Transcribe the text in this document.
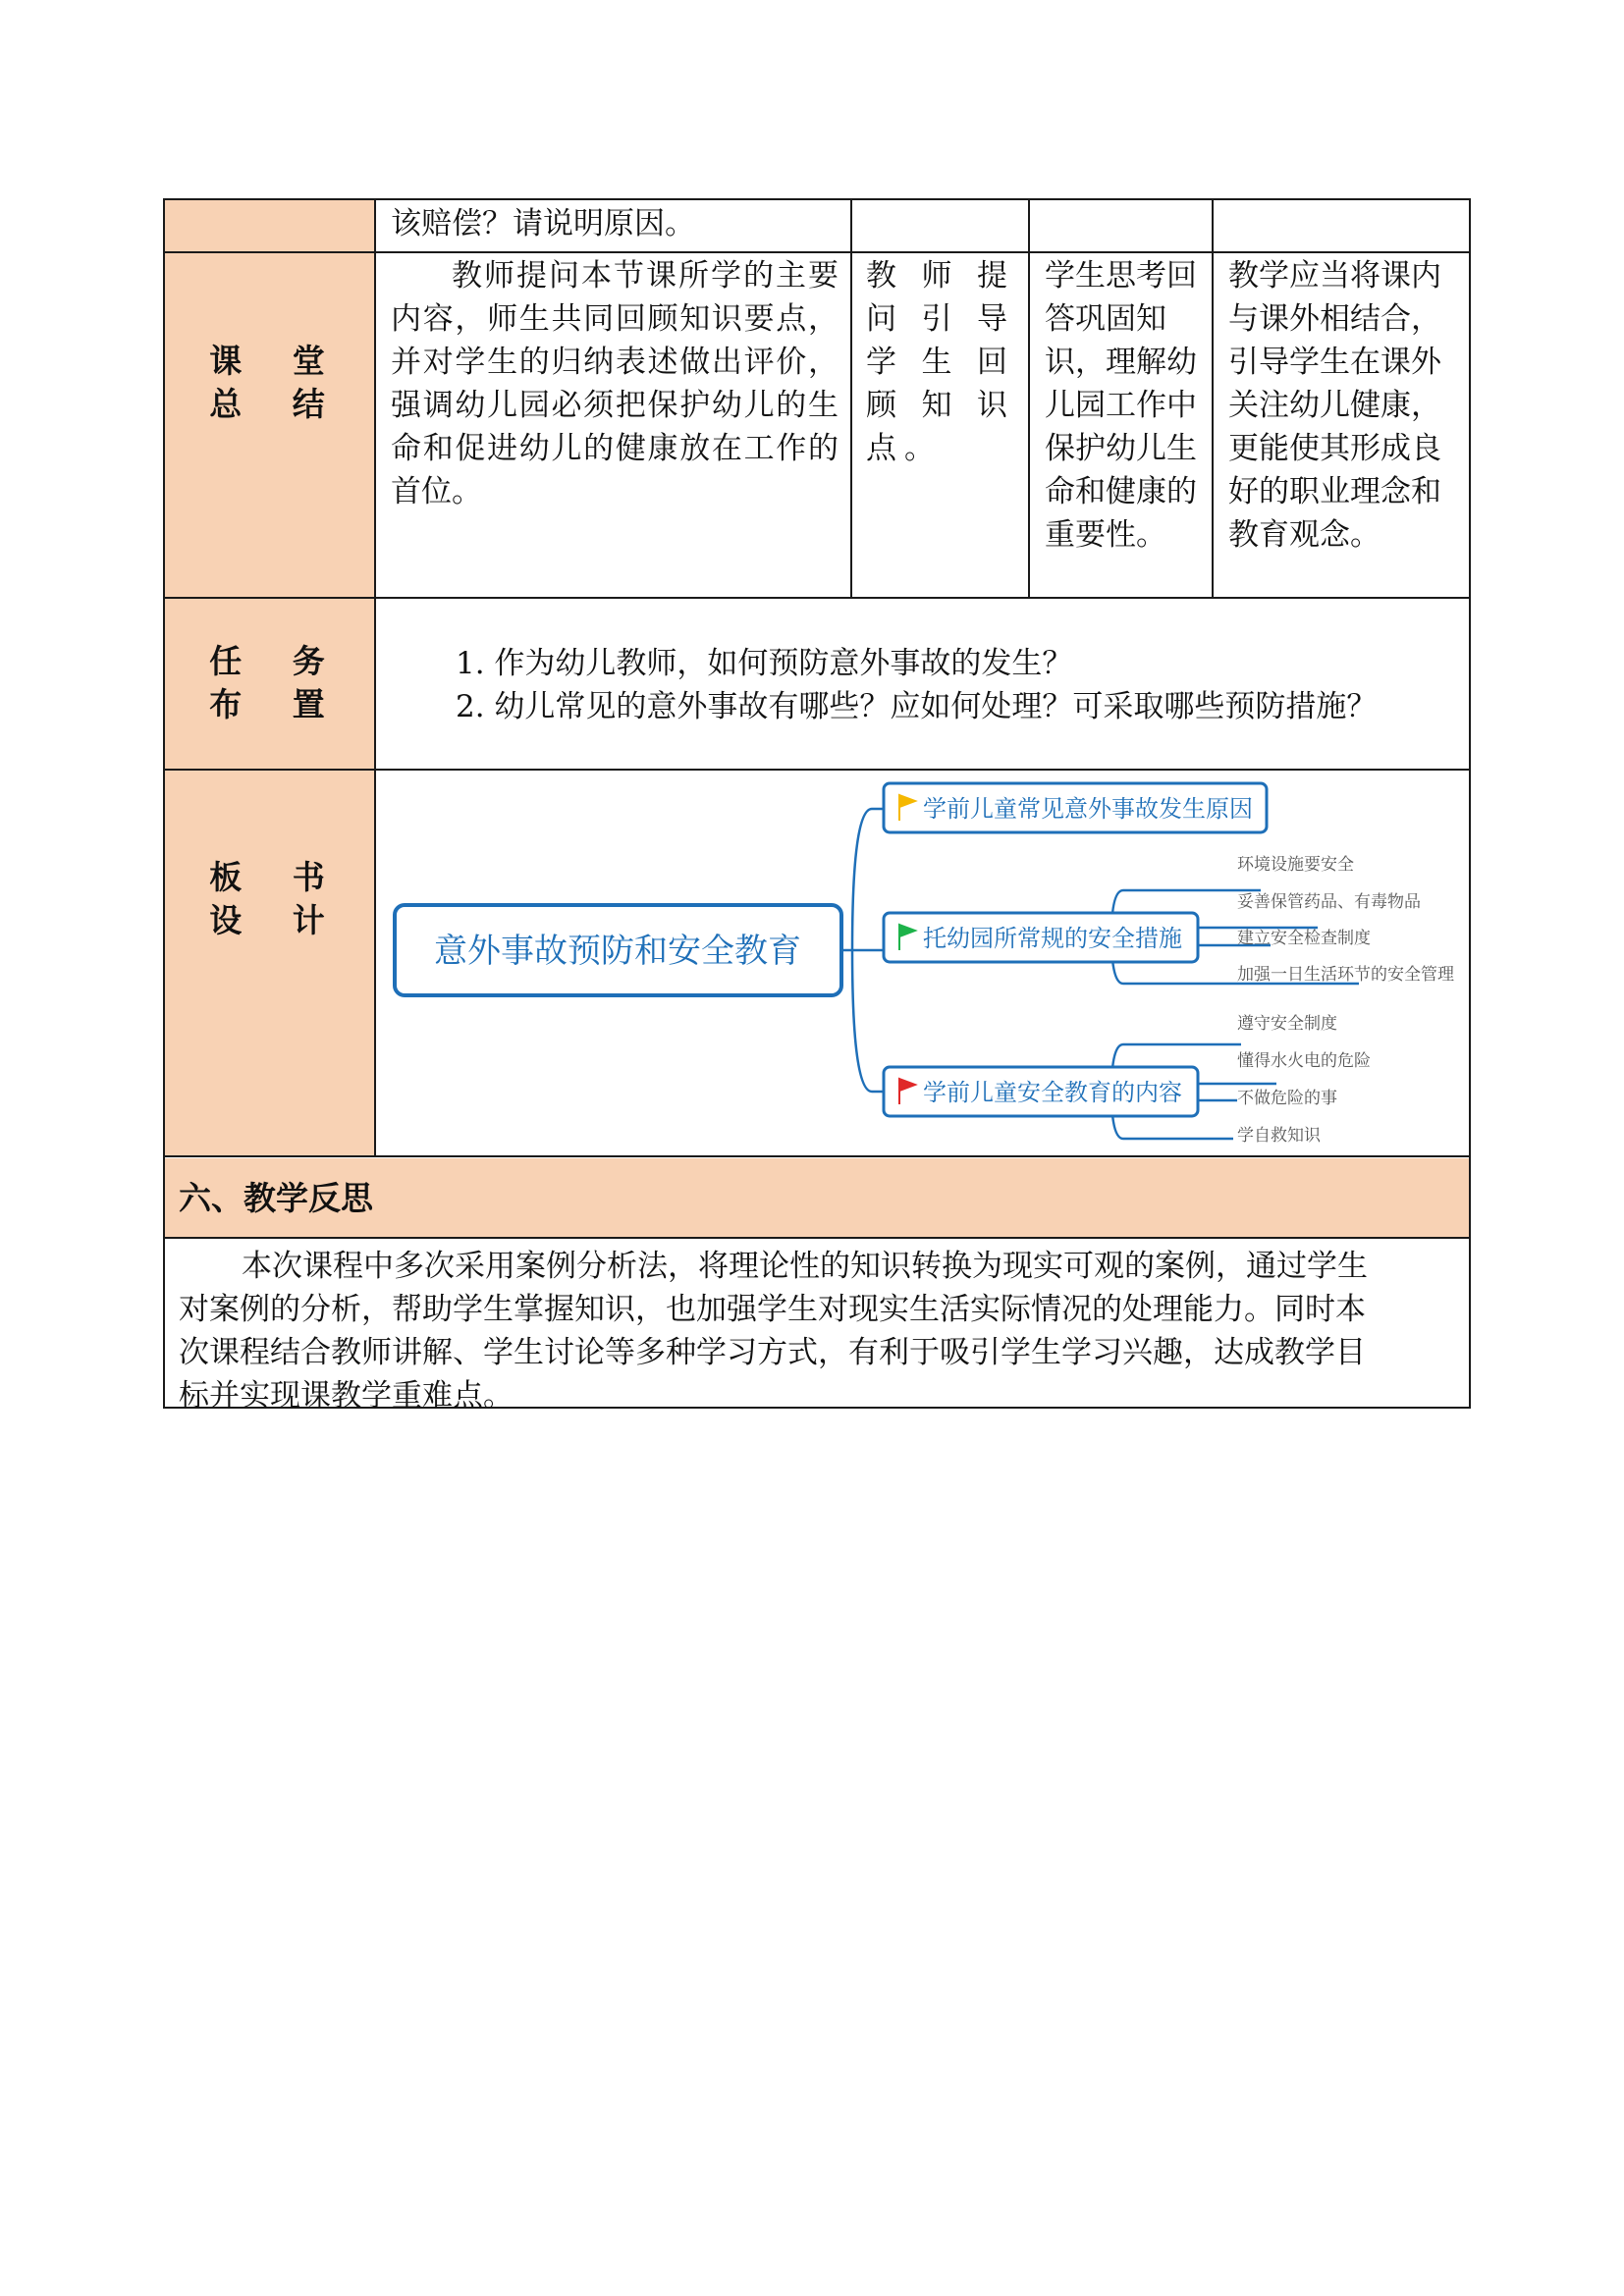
该赔偿？请说明原因。
课 堂
总 结
教师提问本节课所学的主要内容，师生共同回顾知识要点，并对学生的归纳表述做出评价，强调幼儿园必须把保护幼儿的生命和促进幼儿的健康放在工作的首位。
教师提问引导学生回顾知识点。
学生思考回答巩固知识，理解幼儿园工作中保护幼儿生命和健康的重要性。
教学应当将课内与课外相结合，引导学生在课外关注幼儿健康，更能使其形成良好的职业理念和教育观念。
任 务
布 置
1. 作为幼儿教师，如何预防意外事故的发生？
2. 幼儿常见的意外事故有哪些？应如何处理？可采取哪些预防措施？
板 书
设 计
意外事故预防和安全教育
学前儿童常见意外事故发生原因
托幼园所常规的安全措施
环境设施要安全
妥善保管药品、有毒物品
建立安全检查制度
加强一日生活环节的安全管理
学前儿童安全教育的内容
遵守安全制度
懂得水火电的危险
不做危险的事
学自救知识
六、教学反思
本次课程中多次采用案例分析法，将理论性的知识转换为现实可观的案例，通过学生
对案例的分析，帮助学生掌握知识，也加强学生对现实生活实际情况的处理能力。同时本
次课程结合教师讲解、学生讨论等多种学习方式，有利于吸引学生学习兴趣，达成教学目
标并实现课教学重难点。
